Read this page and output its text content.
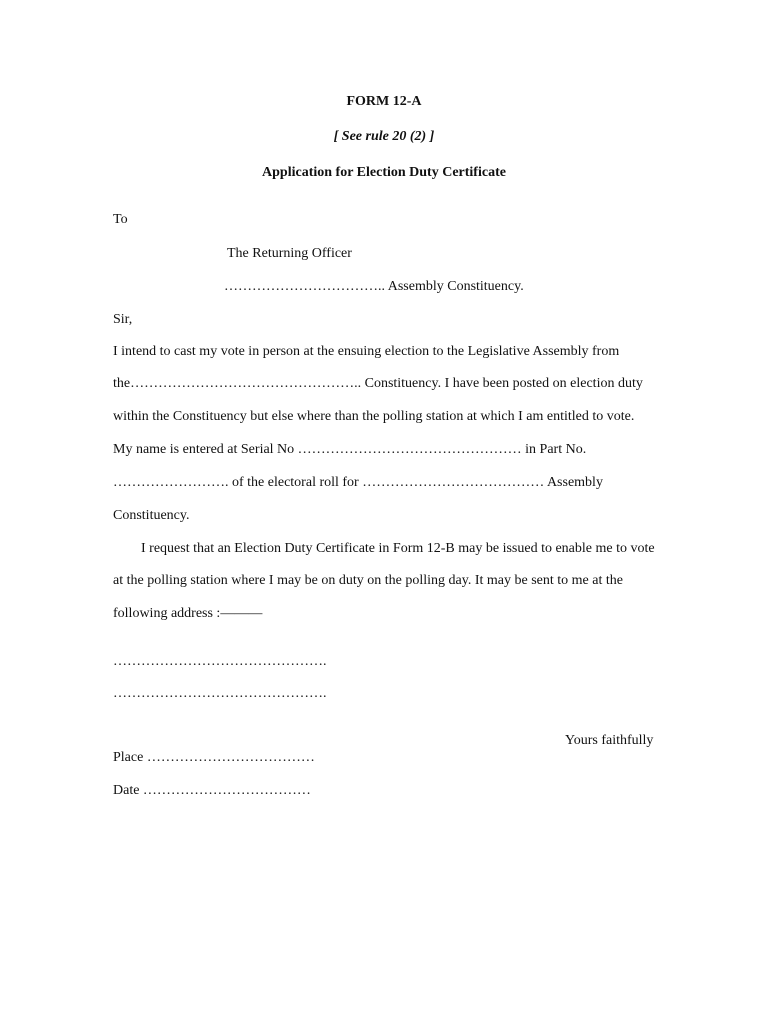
FORM 12-A
[ See rule 20 (2) ]
Application for Election Duty Certificate
To
The Returning Officer
…………………………….. Assembly Constituency.
Sir,
I intend to cast my vote in person at the ensuing election to the Legislative Assembly from
the………………………………………….. Constituency. I have been posted on election duty
within the Constituency but else where than the polling station at which I am entitled to vote.
My name is entered at Serial No ………………………………………… in Part No.
……………………. of the electoral roll for ………………………………… Assembly
Constituency.
I request that an Election Duty Certificate in Form 12-B may be issued to enable me to vote
at the polling station where I may be on duty on the polling day. It may be sent to me at the
following address :———
……………………………………….
……………………………………….
Yours faithfully
Place ………………………………
Date ………………………………
